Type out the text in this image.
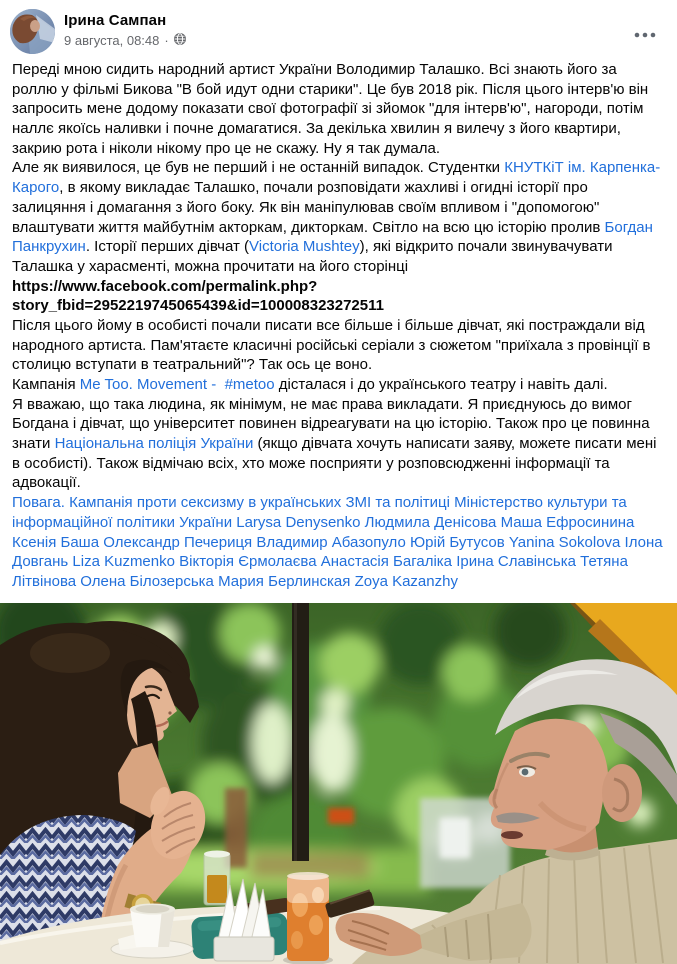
Ірина Сампан
9 августа, 08:48 ·
Переді мною сидить народний артист України Володимир Талашко. Всі знають його за роллю у фільмі Бикова "В бой идут одни старики". Це був 2018 рік. Після цього інтерв'ю він запросить мене додому показати свої фотографії зі зйомок "для інтерв'ю", нагороди, потім наллє якоїсь наливки і почне домагатися. За декілька хвилин я вилечу з його квартири, закрию рота і ніколи нікому про це не скажу. Ну я так думала.
Але як виявилося, це був не перший і не останній випадок. Студентки КНУТКіТ ім. Карпенка-Карого, в якому викладає Талашко, почали розповідати жахливі і огидні історії про залицяння і домагання з його боку. Як він маніпулював своїм впливом і "допомогою" влаштувати життя майбутнім акторкам, дикторкам. Світло на всю цю історію пролив Богдан Панкрухин. Історії перших дівчат (Victoria Mushtey), які відкрито почали звинувачувати Талашка у харасменті, можна прочитати на його сторінці
https://www.facebook.com/permalink.php?
story_fbid=2952219745065439&id=100008323272511
Після цього йому в особисті почали писати все більше і більше дівчат, які постраждали від народного артиста. Пам'ятаєте класичні російські серіали з сюжетом "приїхала з провінції в столицю вступати в театральний"? Так ось це воно.
Кампанія Me Too. Movement - #metoo дісталася і до українського театру і навіть далі.
Я вважаю, що така людина, як мінімум, не має права викладати. Я приєднуюсь до вимог Богдана і дівчат, що університет повинен відреагувати на цю історію. Також про це повинна знати Національна поліція України (якщо дівчата хочуть написати заяву, можете писати мені в особисті). Також відмічаю всіх, хто може посприяти у розповсюдженні інформації та адвокації.
Повага. Кампанія проти сексизму в українських ЗМІ та політиці Міністерство культури та інформаційної політики України Larysa Denysenko Людмила Денісова Маша Ефросинина Ксенія Баша Олександр Печериця Владимир Абазопуло Юрій Бутусов Yanina Sokolova Ілона Довгань Liza Kuzmenko Вікторія Єрмолаєва Анастасія Багаліка Ірина Славінська Тетяна Літвінова Олена Білозерська Мария Берлинская Zoya Kazanzhy
